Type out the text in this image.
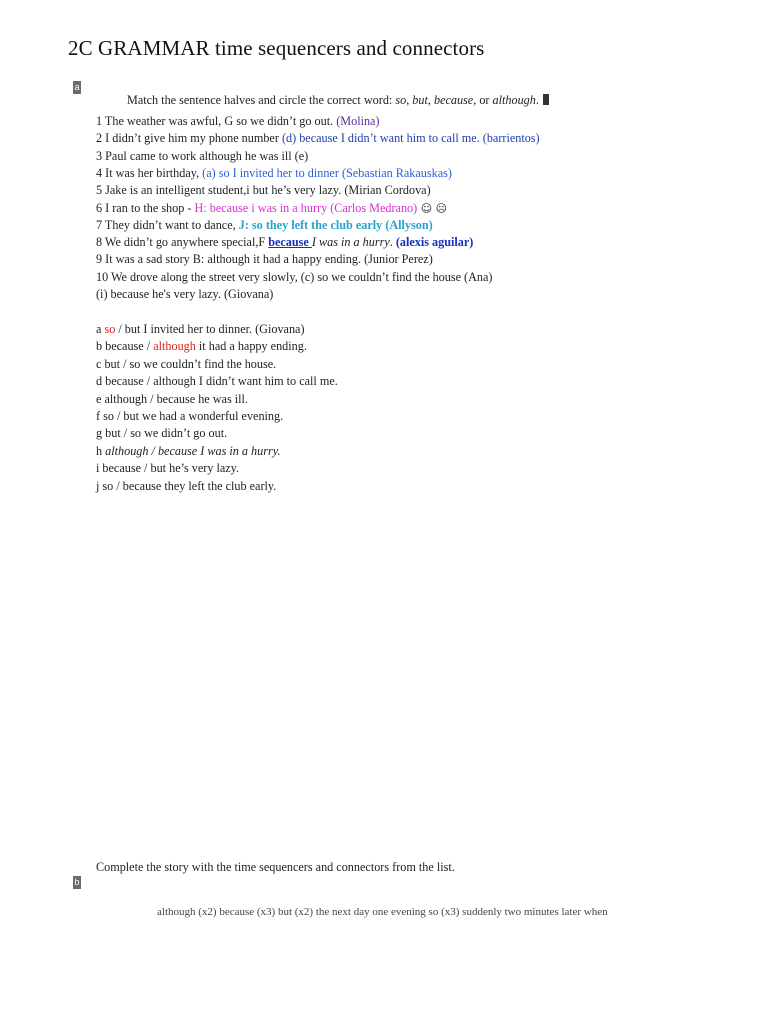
2C GRAMMAR time sequencers and connectors
a
Match the sentence halves and circle the correct word: so, but, because, or although.
1 The weather was awful, G so we didn’t go out. (Molina)
2 I didn’t give him my phone number (d) because I didn’t want him to call me. (barrientos)
3 Paul came to work although he was ill (e)
4 It was her birthday, (a) so I invited her to dinner (Sebastian Rakauskas)
5 Jake is an intelligent student,i but he’s very lazy. (Mirian Cordova)
6 I ran to the shop - H: because i was in a hurry (Carlos Medrano) ☺ ☹
7 They didn’t want to dance, J: so they left the club early (Allyson)
8 We didn’t go anywhere special,F because I was in a hurry. (alexis aguilar)
9 It was a sad story B: although it had a happy ending. (Junior Perez)
10 We drove along the street very slowly, (c) so we couldn’t find the house (Ana)
(i) because he's very lazy. (Giovana)
a so / but I invited her to dinner. (Giovana)
b because / although it had a happy ending.
c but / so we couldn’t find the house.
d because / although I didn’t want him to call me.
e although / because he was ill.
f so / but we had a wonderful evening.
g but / so we didn’t go out.
h although / because I was in a hurry.
i because / but he’s very lazy.
j so / because they left the club early.
Complete the story with the time sequencers and connectors from the list.
b
although (x2) because (x3) but (x2) the next day one evening so (x3) suddenly two minutes later when
